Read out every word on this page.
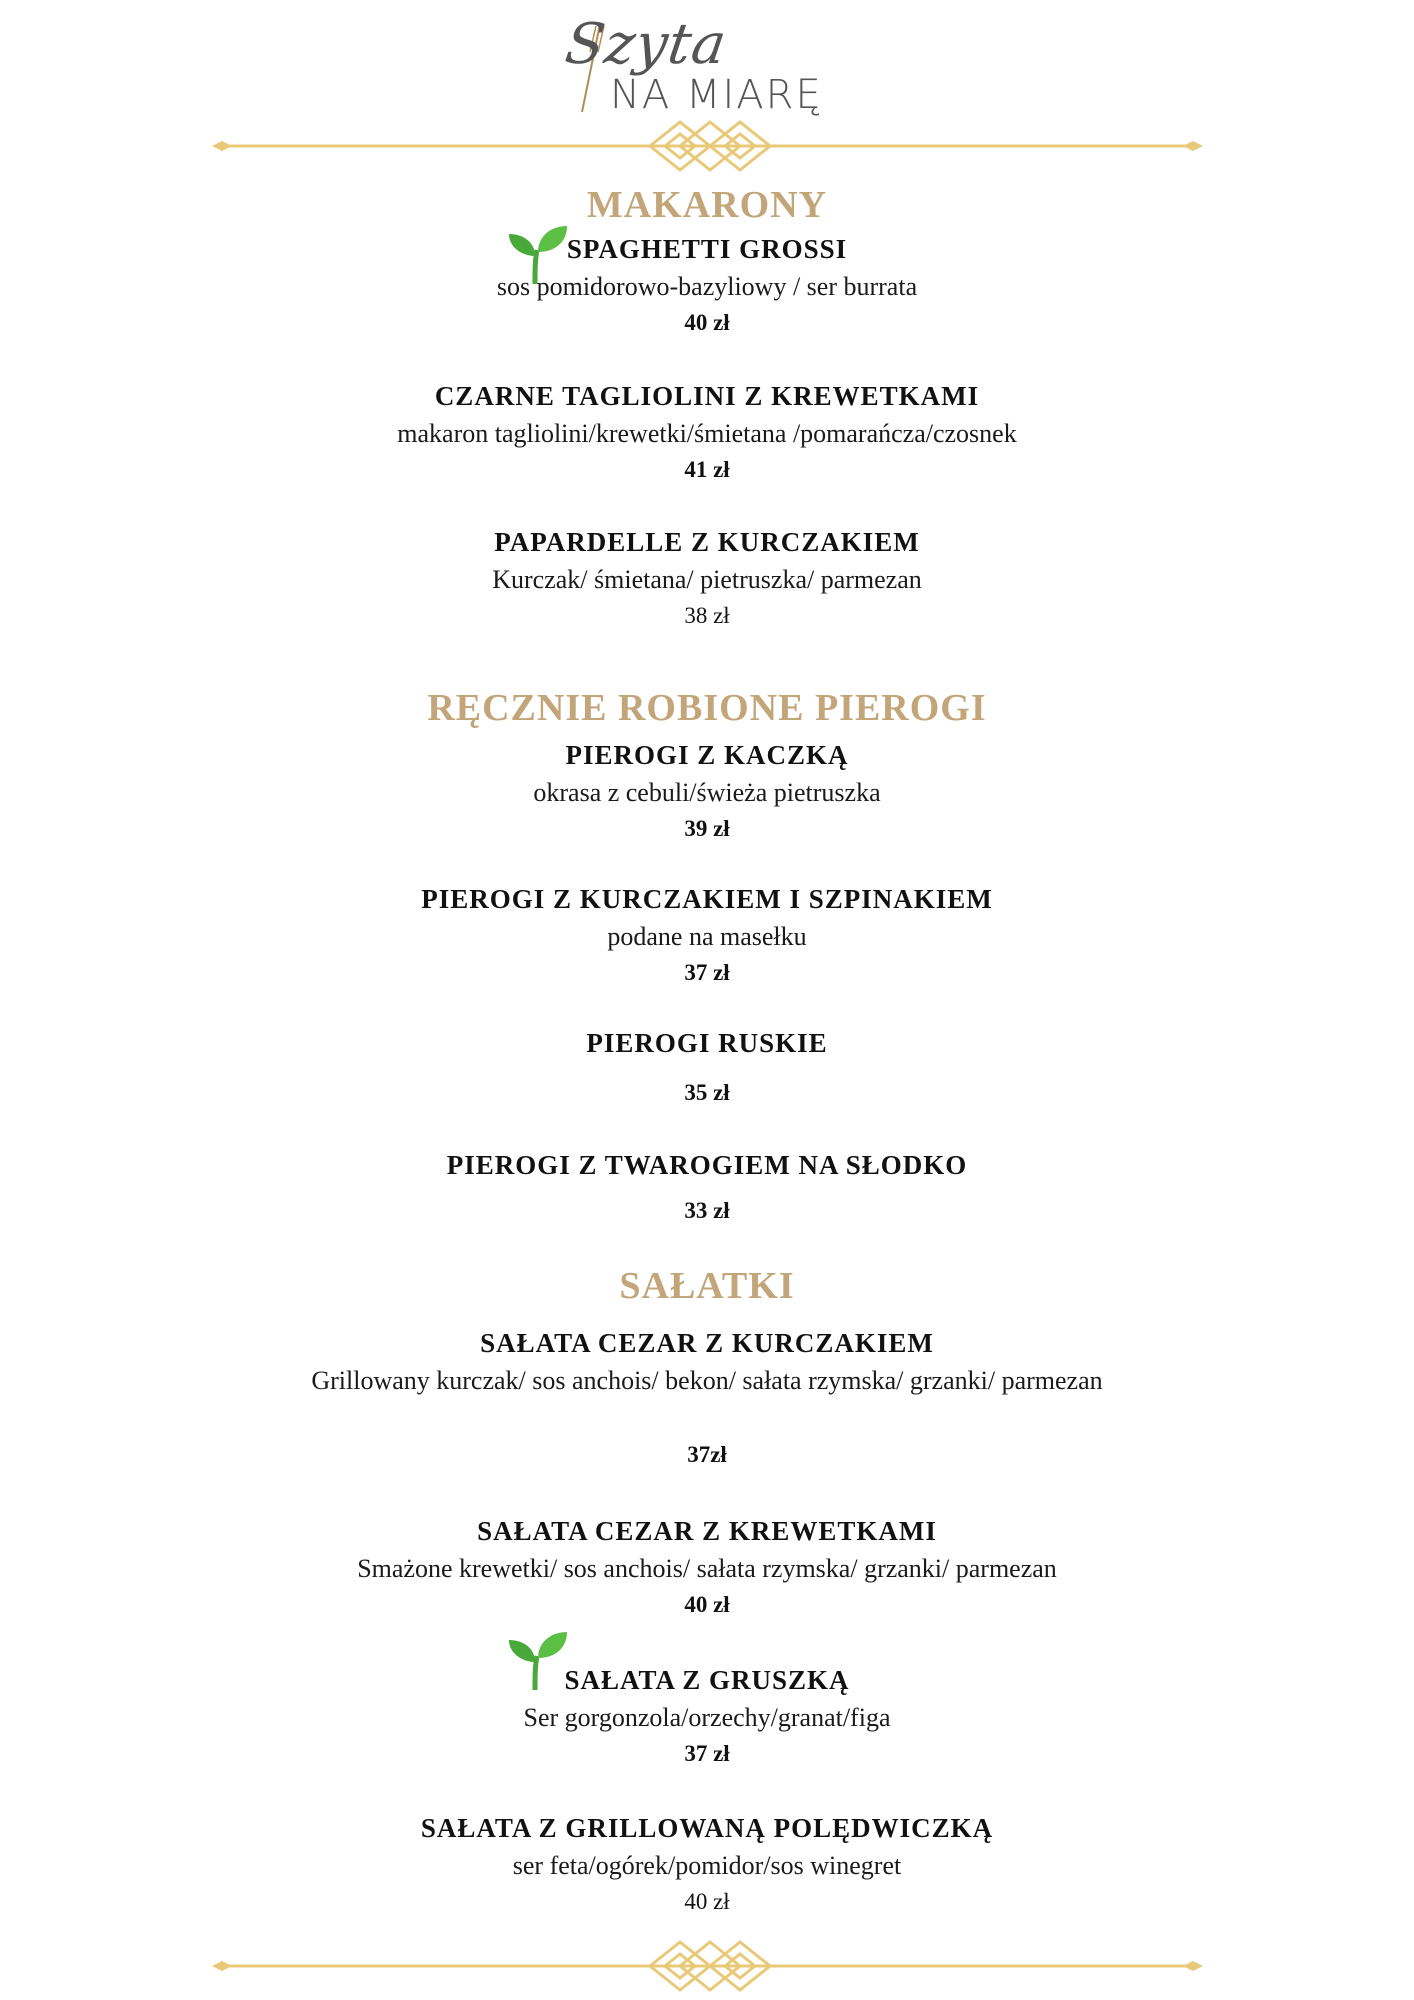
Szyta
NA MIARĘ
MAKARONY
SPAGHETTI GROSSI
sos pomidorowo-bazyliowy / ser burrata
40 zł
CZARNE TAGLIOLINI Z KREWETKAMI
makaron tagliolini/krewetki/śmietana /pomarańcza/czosnek
41 zł
PAPARDELLE Z KURCZAKIEM
Kurczak/ śmietana/ pietruszka/ parmezan
38 zł
RĘCZNIE ROBIONE PIEROGI
PIEROGI Z KACZKĄ
okrasa z cebuli/świeża pietruszka
39 zł
PIEROGI Z KURCZAKIEM I SZPINAKIEM
podane na masełku
37 zł
PIEROGI RUSKIE
35 zł
PIEROGI Z TWAROGIEM NA SŁODKO
33 zł
SAŁATKI
SAŁATA CEZAR Z KURCZAKIEM
Grillowany kurczak/ sos anchois/ bekon/ sałata rzymska/ grzanki/ parmezan
37zł
SAŁATA CEZAR Z KREWETKAMI
Smażone krewetki/ sos anchois/ sałata rzymska/ grzanki/ parmezan
40 zł
SAŁATA Z GRUSZKĄ
Ser gorgonzola/orzechy/granat/figa
37 zł
SAŁATA Z GRILLOWANĄ POLĘDWICZKĄ
ser feta/ogórek/pomidor/sos winegret
40 zł
